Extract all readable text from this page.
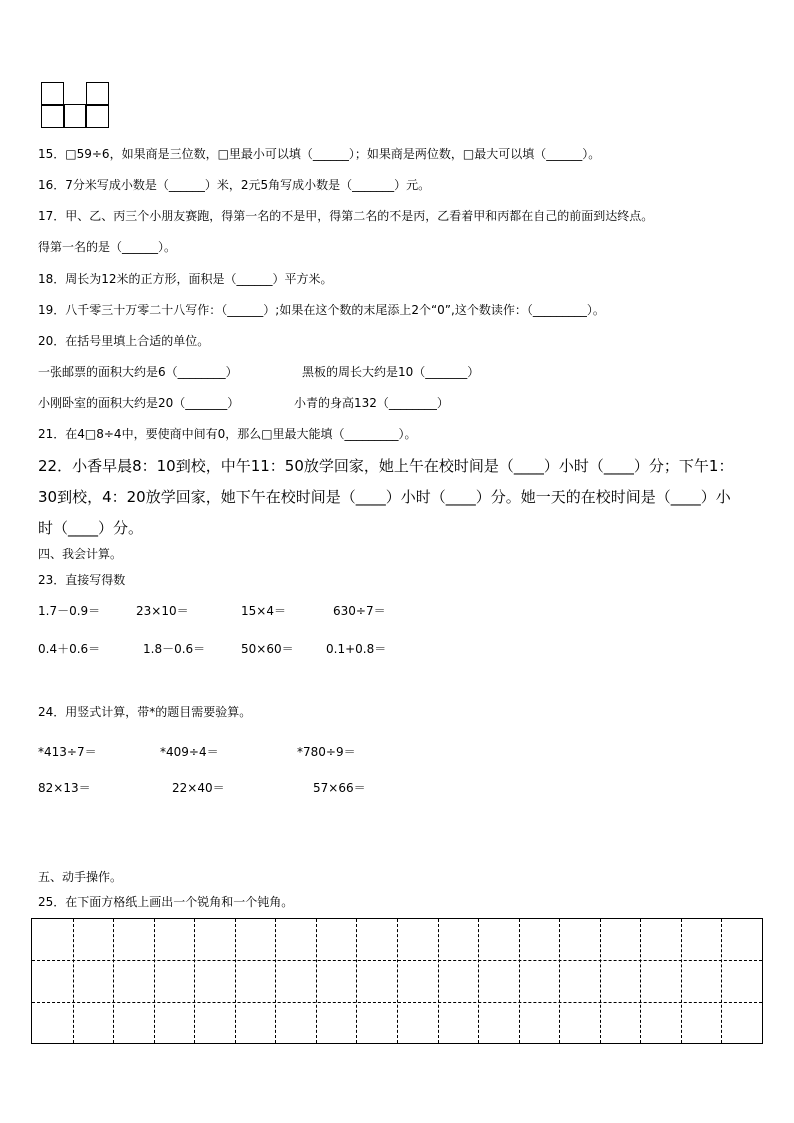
15．□59÷6，如果商是三位数，□里最小可以填（______）；如果商是两位数，□最大可以填（______）。
16．7分米写成小数是（______）米，2元5角写成小数是（_______）元。
17．甲、乙、丙三个小朋友赛跑，得第一名的不是甲，得第二名的不是丙，乙看着甲和丙都在自己的前面到达终点。
得第一名的是（______）。
18．周长为12米的正方形，面积是（______）平方米。
19．八千零三十万零二十八写作：（______）;如果在这个数的末尾添上2个“0”,这个数读作：（_________）。
20．在括号里填上合适的单位。
一张邮票的面积大约是6（________）	黑板的周长大约是10（_______）
小刚卧室的面积大约是20（_______）	小青的身高132（________）
21．在4□8÷4中，要使商中间有0，那么□里最大能填（_________）。
22．小香早晨8：10到校，中午11：50放学回家，她上午在校时间是（____）小时（____）分；下午1：
30到校，4：20放学回家，她下午在校时间是（____）小时（____）分。她一天的在校时间是（____）小
时（____）分。
四、我会计算。
23．直接写得数
1.7－0.9＝	23×10＝	15×4＝	630÷7＝
0.4＋0.6＝	1.8－0.6＝	50×60＝	0.1+0.8＝
24．用竖式计算，带*的题目需要验算。
*413÷7＝	*409÷4＝	*780÷9＝
82×13＝	22×40＝	57×66＝
五、动手操作。
25．在下面方格纸上画出一个锐角和一个钝角。
